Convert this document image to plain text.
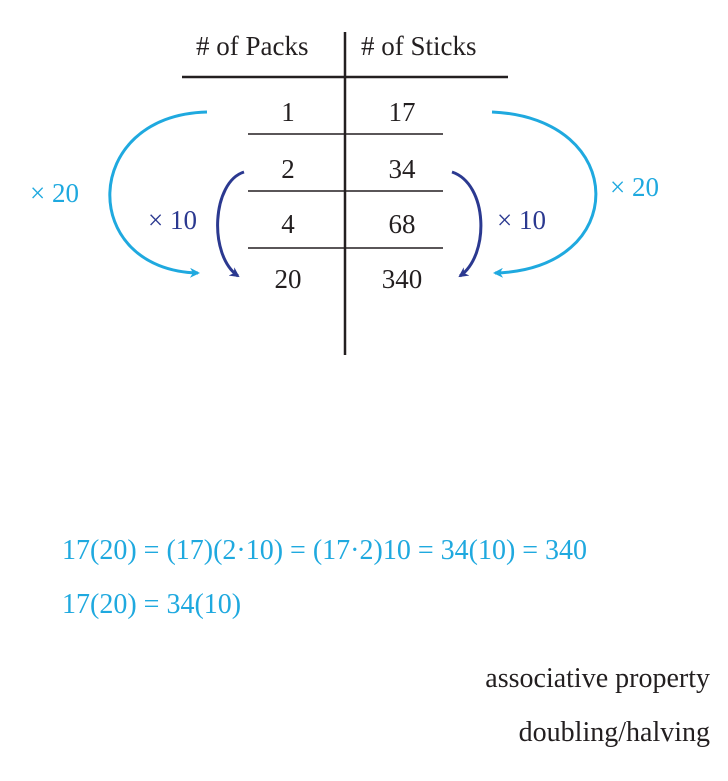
# of Packs # of Sticks
1	17
2	34
4	68
20	340
× 20	× 20
× 10	× 10
17(20) = (17)(2·10) = (17·2)10 = 34(10) = 340
17(20) = 34(10)
associative property
doubling/halving
